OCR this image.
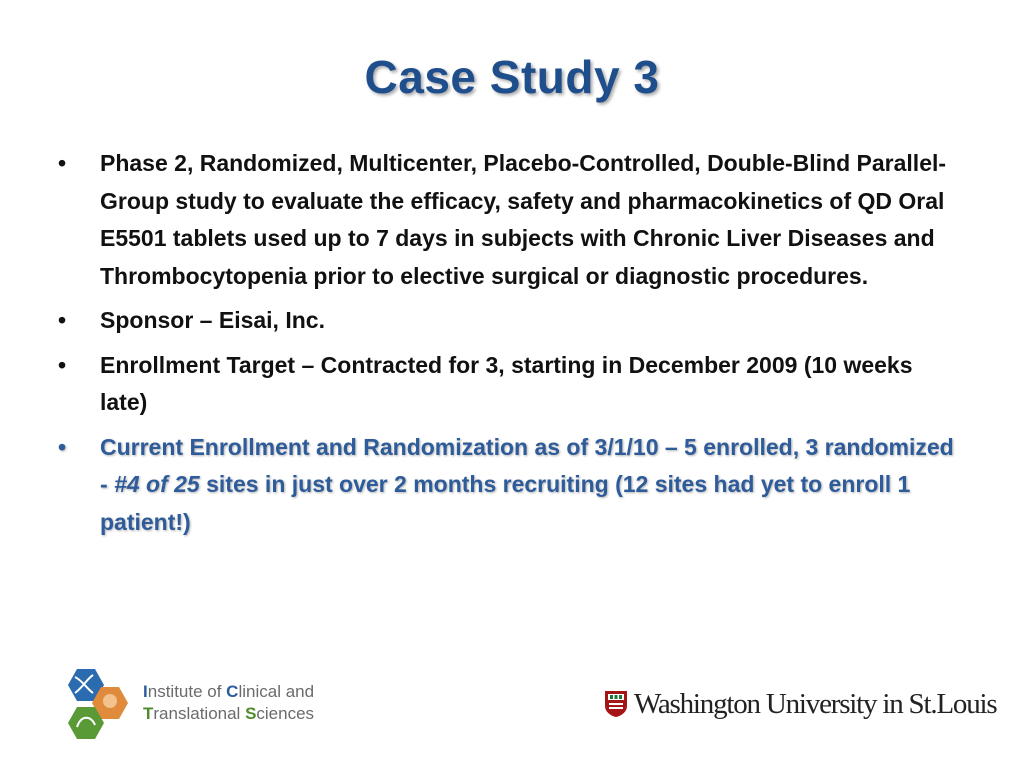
Case Study 3
•	Phase 2, Randomized, Multicenter, Placebo-Controlled, Double-Blind Parallel-Group study to evaluate the efficacy, safety and pharmacokinetics of QD Oral E5501 tablets used up to 7 days in subjects with Chronic Liver Diseases and Thrombocytopenia prior to elective surgical or diagnostic procedures.
•	Sponsor – Eisai, Inc.
•	Enrollment Target – Contracted for 3, starting in December 2009 (10 weeks late)
•	Current Enrollment and Randomization as of 3/1/10 – 5 enrolled, 3 randomized - #4 of 25 sites in just over 2 months recruiting (12 sites had yet to enroll 1 patient!)
Institute of Clinical and
Translational Sciences	Washington University in St.Louis
